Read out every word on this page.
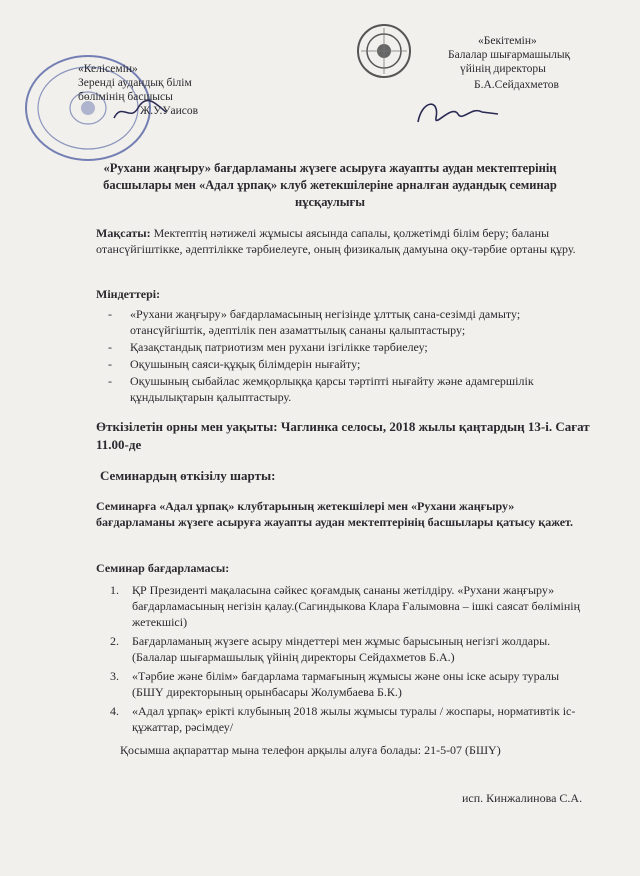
«Келісемін»
Зеренді аудандық білім
бөлімінің басшысы
Ж.У.Уаисов
«Бекітемін»
Балалар шығармашылық
үйінің директоры
Б.А.Сейдахметов
«Рухани жаңғыру» бағдарламаны жүзеге асыруға жауапты аудан мектептерінің
басшылары мен «Адал ұрпақ» клуб жетекшілеріне арналған аудандық семинар
нұсқаулығы
Мақсаты: Мектептің нәтижелі жұмысы аясында сапалы, қолжетімді білім беру; баланы отансүйгіштікке, әдептілікке тәрбиелеуге, оның физикалық дамуына оқу-тәрбие ортаны құру.
Міндеттері:
-	«Рухани жаңғыру» бағдарламасының негізінде ұлттық сана-сезімді дамыту; отансүйгіштік, әдептілік пен азаматтылық сананы қалыптастыру;
-	Қазақстандық патриотизм мен рухани ізгілікке тәрбиелеу;
-	Оқушының саяси-құқық білімдерін нығайту;
-	Оқушының сыбайлас жемқорлыққа қарсы тәртіпті нығайту және адамгершілік құндылықтарын қалыптастыру.
Өткізілетін орны мен уақыты: Чаглинка селосы, 2018 жылы қаңтардың 13-і. Сағат 11.00-де
Семинардың өткізілу шарты:
Семинарға «Адал ұрпақ» клубтарының жетекшілері мен «Рухани жаңғыру» бағдарламаны жүзеге асыруға жауапты аудан мектептерінің басшылары қатысу қажет.
Семинар бағдарламасы:
1.	ҚР Президенті мақаласына сәйкес қоғамдық сананы жетілдіру. «Рухани жаңғыру» бағдарламасының негізін қалау.(Сагиндыкова Клара Ғалымовна – ішкі саясат бөлімінің жетекшісі)
2.	Бағдарламаның жүзеге асыру міндеттері мен жұмыс барысының негізгі жолдары. (Балалар шығармашылық үйінің директоры Сейдахметов Б.А.)
3.	«Тәрбие және білім» бағдарлама тармағының жұмысы және оны іске асыру туралы (БШҮ директорының орынбасары Жолумбаева Б.К.)
4.	«Адал ұрпақ» ерікті клубының 2018 жылы жұмысы туралы / жоспары, нормативтік іс-құжаттар, рәсімдеу/
Қосымша ақпараттар мына телефон арқылы алуға болады: 21-5-07 (БШҮ)
исп. Кинжалинова С.А.
